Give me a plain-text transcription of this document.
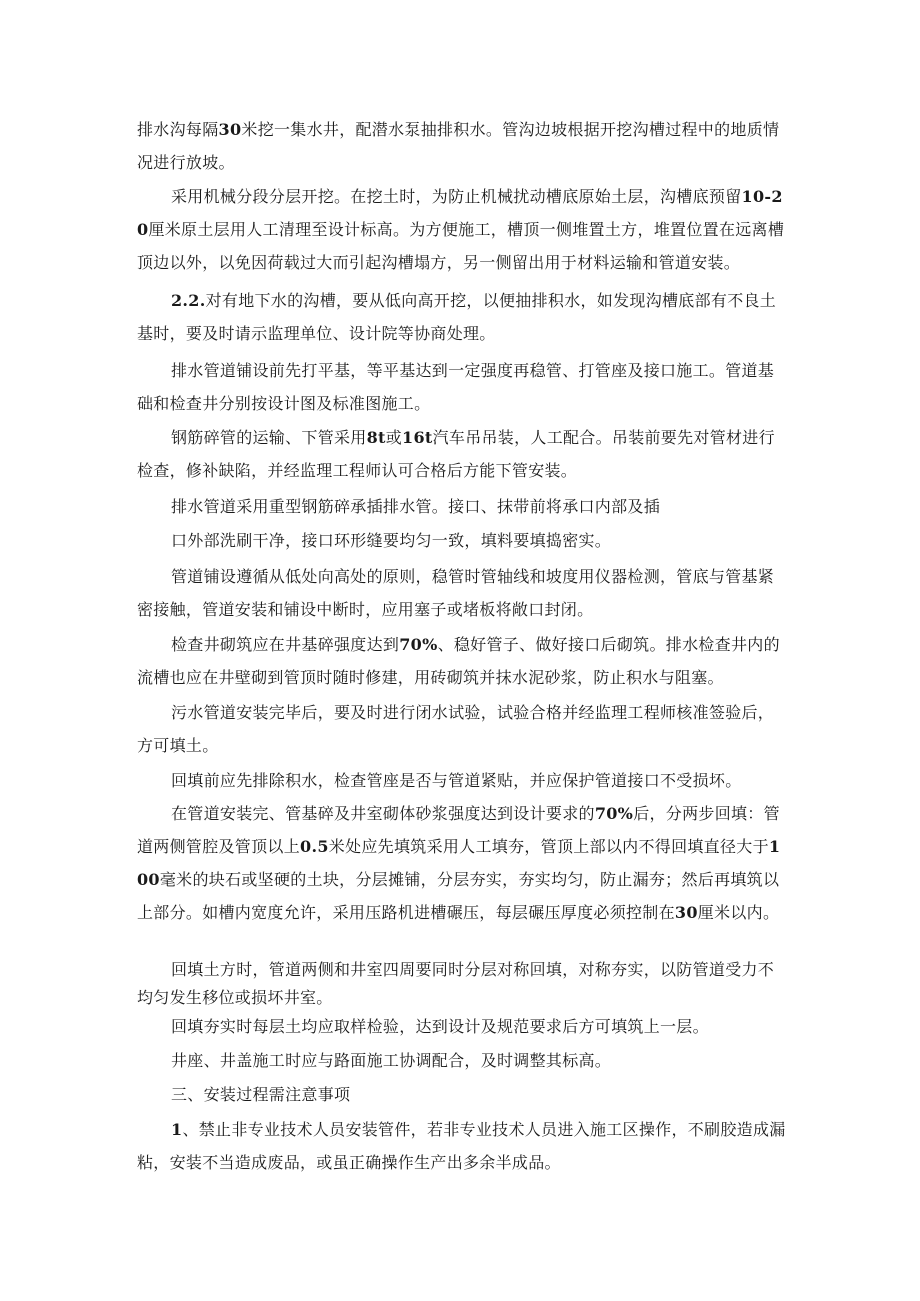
排水沟每隔30米挖一集水井，配潜水泵抽排积水。管沟边坡根据开挖沟槽过程中的地质情况进行放坡。

采用机械分段分层开挖。在挖土时，为防止机械扰动槽底原始土层，沟槽底预留10-20厘米原土层用人工清理至设计标高。为方便施工，槽顶一侧堆置土方，堆置位置在远离槽顶边以外，以免因荷载过大而引起沟槽塌方，另一侧留出用于材料运输和管道安装。

2.2.对有地下水的沟槽，要从低向高开挖，以便抽排积水，如发现沟槽底部有不良土基时，要及时请示监理单位、设计院等协商处理。

排水管道铺设前先打平基，等平基达到一定强度再稳管、打管座及接口施工。管道基础和检查井分别按设计图及标准图施工。

钢筋碎管的运输、下管采用8t或16t汽车吊吊装，人工配合。吊装前要先对管材进行检查，修补缺陷，并经监理工程师认可合格后方能下管安装。

排水管道采用重型钢筋碎承插排水管。接口、抹带前将承口内部及插

口外部洗刷干净，接口环形缝要均匀一致，填料要填捣密实。

管道铺设遵循从低处向高处的原则，稳管时管轴线和坡度用仪器检测，管底与管基紧密接触，管道安装和铺设中断时，应用塞子或堵板将敞口封闭。

检查井砌筑应在井基碎强度达到70%、稳好管子、做好接口后砌筑。排水检查井内的流槽也应在井壁砌到管顶时随时修建，用砖砌筑并抹水泥砂浆，防止积水与阻塞。

污水管道安装完毕后，要及时进行闭水试验，试验合格并经监理工程师核准签验后，方可填土。

回填前应先排除积水，检查管座是否与管道紧贴，并应保护管道接口不受损坏。

在管道安装完、管基碎及井室砌体砂浆强度达到设计要求的70%后，分两步回填：管道两侧管腔及管顶以上0.5米处应先填筑采用人工填夯，管顶上部以内不得回填直径大于100毫米的块石或坚硬的土块，分层摊铺，分层夯实，夯实均匀，防止漏夯；然后再填筑以上部分。如槽内宽度允许，采用压路机进槽碾压，每层碾压厚度必须控制在30厘米以内。

回填土方时，管道两侧和井室四周要同时分层对称回填，对称夯实，以防管道受力不均匀发生移位或损坏井室。

回填夯实时每层土均应取样检验，达到设计及规范要求后方可填筑上一层。

井座、井盖施工时应与路面施工协调配合，及时调整其标高。

三、安装过程需注意事项

1、禁止非专业技术人员安装管件，若非专业技术人员进入施工区操作，不刷胶造成漏粘，安装不当造成废品，或虽正确操作生产出多余半成品。
